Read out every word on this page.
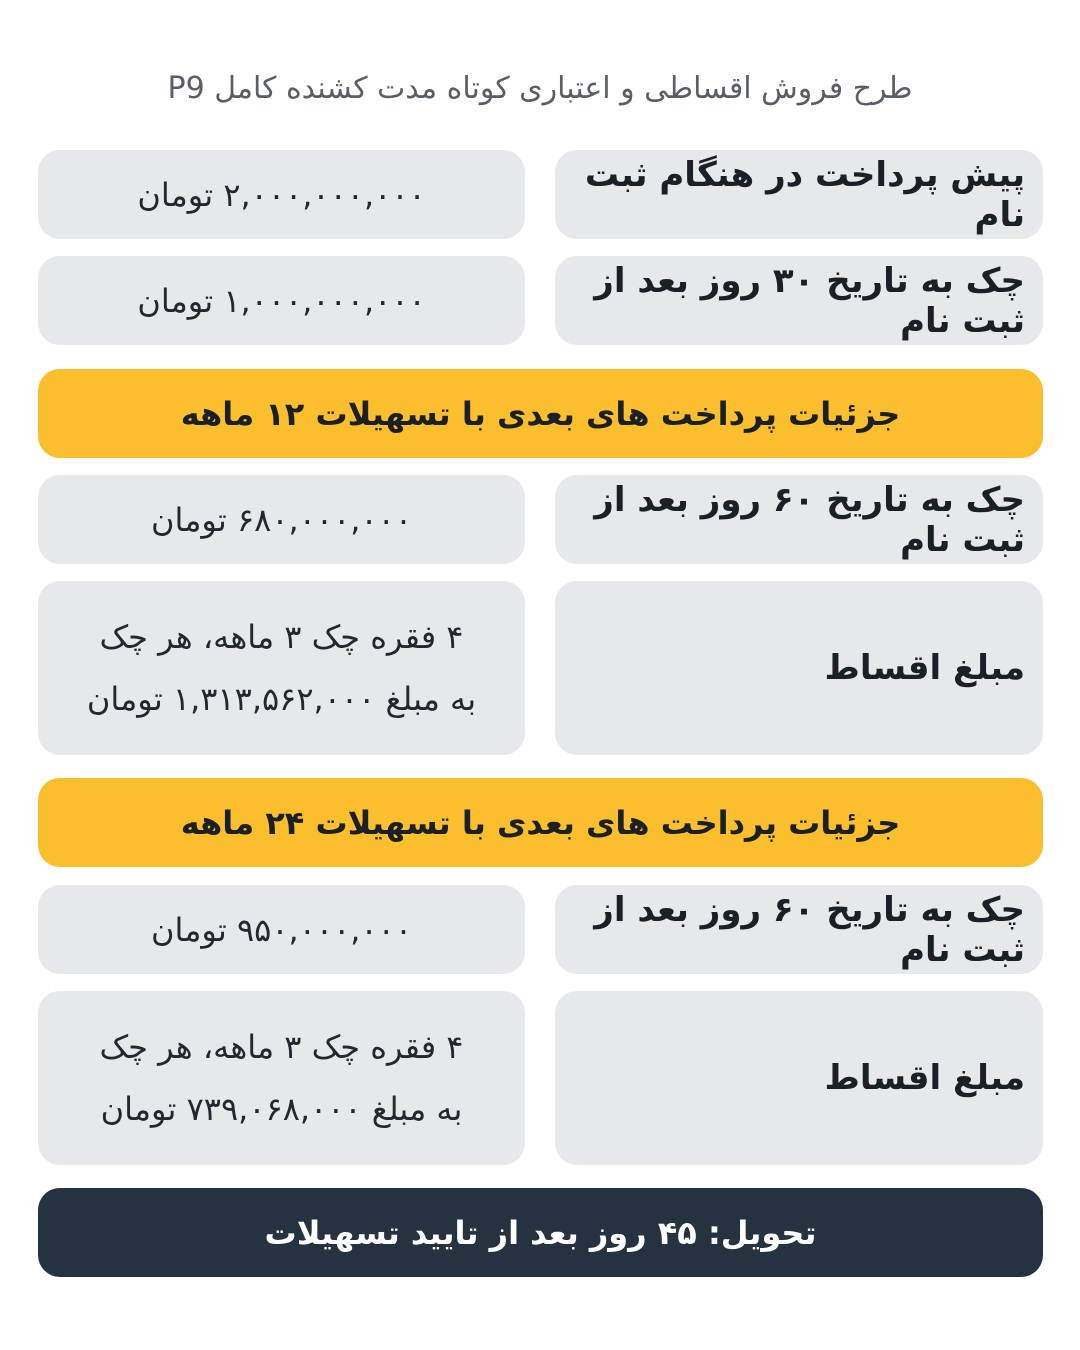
طرح فروش اقساطی و اعتباری کوتاه مدت کشنده کامل P9
پیش پرداخت در هنگام ثبت نام
۲,۰۰۰,۰۰۰,۰۰۰ تومان
چک به تاریخ ۳۰ روز بعد از ثبت نام
۱,۰۰۰,۰۰۰,۰۰۰ تومان
جزئیات پرداخت های بعدی با تسهیلات ۱۲ ماهه
چک به تاریخ ۶۰ روز بعد از ثبت نام
۶۸۰,۰۰۰,۰۰۰ تومان
مبلغ اقساط
۴ فقره چک ۳ ماهه، هر چک
به مبلغ ۱,۳۱۳,۵۶۲,۰۰۰ تومان
جزئیات پرداخت های بعدی با تسهیلات ۲۴ ماهه
چک به تاریخ ۶۰ روز بعد از ثبت نام
۹۵۰,۰۰۰,۰۰۰ تومان
مبلغ اقساط
۴ فقره چک ۳ ماهه، هر چک
به مبلغ ۷۳۹,۰۶۸,۰۰۰ تومان
تحویل: ۴۵ روز بعد از تایید تسهیلات
